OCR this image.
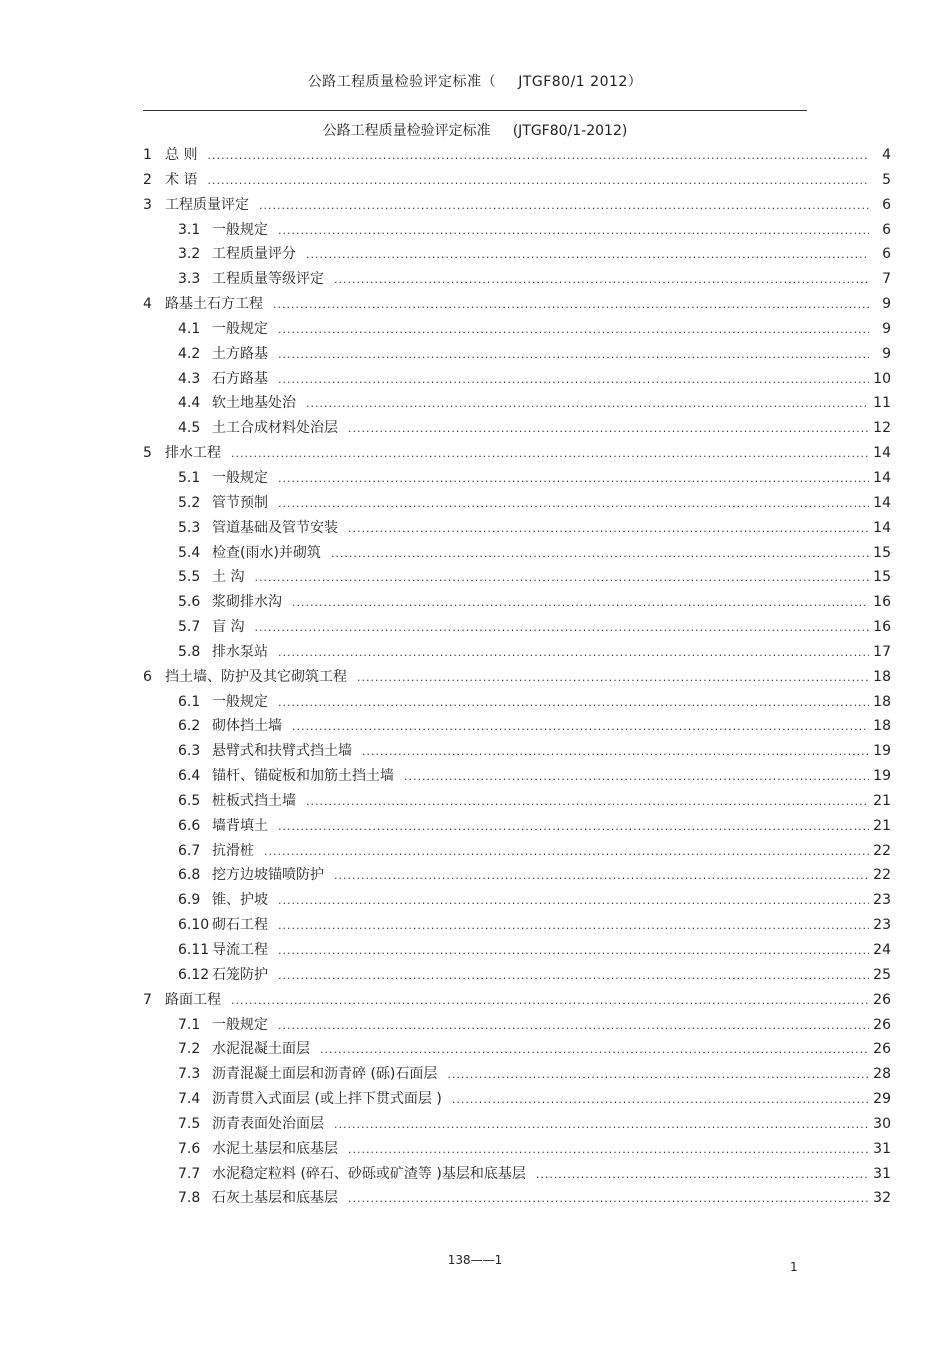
公路工程质量检验评定标准（ JTGF80/1 2012）
公路工程质量检验评定标准 (JTGF80/1-2012)
1 总 则 .....	4
2 术 语 .....	5
3 工程质量评定 .....	6
3.1 一般规定 .....	6
3.2 工程质量评分 .....	6
3.3 工程质量等级评定 .....	7
4 路基土石方工程 .....	9
4.1 一般规定 .....	9
4.2 土方路基 .....	9
4.3 石方路基 .....	10
4.4 软土地基处治 .....	11
4.5 土工合成材料处治层 .....	12
5 排水工程 .....	14
5.1 一般规定 .....	14
5.2 管节预制 .....	14
5.3 管道基础及管节安装 .....	14
5.4 检查(雨水)并砌筑 .....	15
5.5 土 沟 .....	15
5.6 浆砌排水沟 .....	16
5.7 盲 沟 .....	16
5.8 排水泵站 .....	17
6 挡土墙、防护及其它砌筑工程 .....	18
6.1 一般规定 .....	18
6.2 砌体挡土墙 .....	18
6.3 悬臂式和扶臂式挡土墙 .....	19
6.4 锚杆、锚碇板和加筋土挡土墙 .....	19
6.5 桩板式挡土墙 .....	21
6.6 墙背填土 .....	21
6.7 抗滑桩 .....	22
6.8 挖方边坡锚喷防护 .....	22
6.9 锥、护坡 .....	23
6.10 砌石工程 .....	23
6.11 导流工程 .....	24
6.12 石笼防护 .....	25
7 路面工程 .....	26
7.1 一般规定 .....	26
7.2 水泥混凝土面层 .....	26
7.3 沥青混凝土面层和沥青碎 (砾)石面层 .....	28
7.4 沥青贯入式面层 (或上拌下贯式面层 ) .....	29
7.5 沥青表面处治面层 .....	30
7.6 水泥土基层和底基层 .....	31
7.7 水泥稳定粒料 (碎石、砂砾或矿渣等 )基层和底基层 .....	31
7.8 石灰土基层和底基层 .....	32
138——1	1
